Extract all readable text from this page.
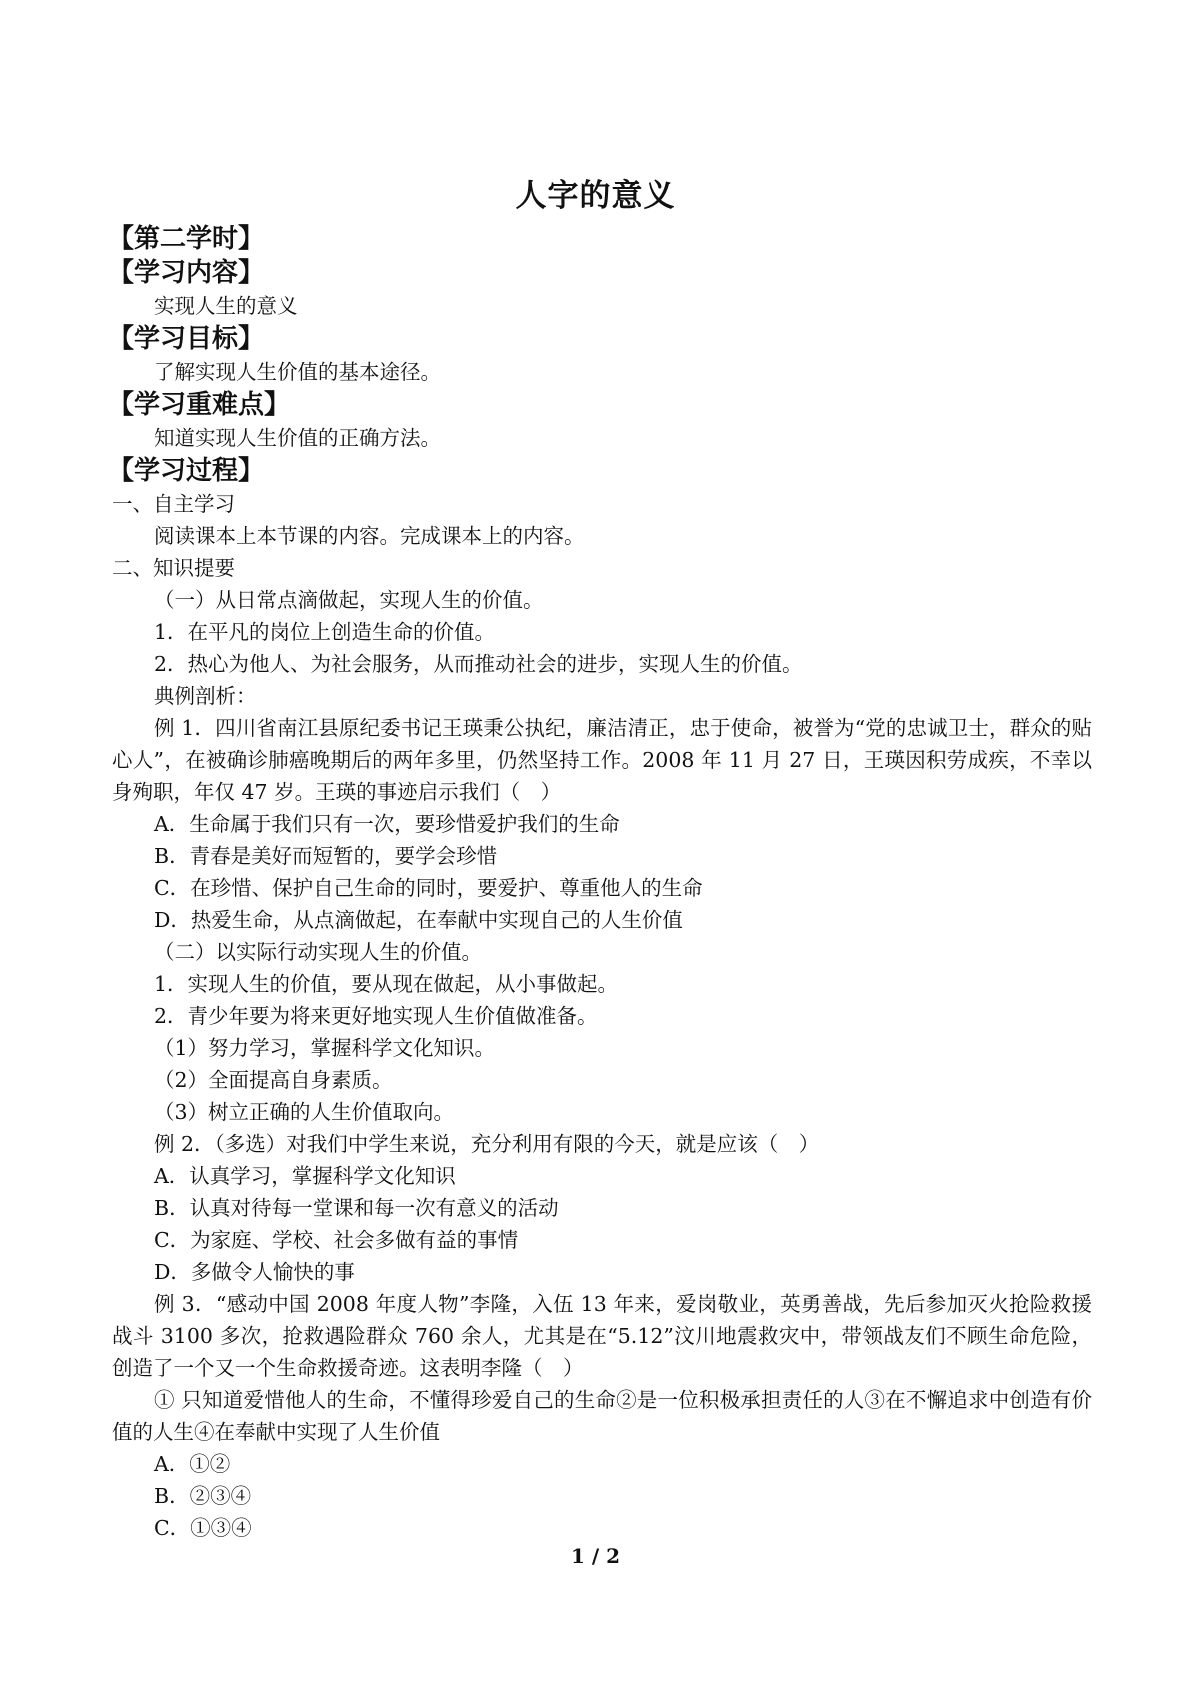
人字的意义
【第二学时】
【学习内容】
实现人生的意义
【学习目标】
了解实现人生价值的基本途径。
【学习重难点】
知道实现人生价值的正确方法。
【学习过程】
一、自主学习
阅读课本上本节课的内容。完成课本上的内容。
二、知识提要
（一）从日常点滴做起，实现人生的价值。
1．在平凡的岗位上创造生命的价值。
2．热心为他人、为社会服务，从而推动社会的进步，实现人生的价值。
典例剖析：
例 1．四川省南江县原纪委书记王瑛秉公执纪，廉洁清正，忠于使命，被誉为“党的忠诚卫士，群众的贴心人”，在被确诊肺癌晚期后的两年多里，仍然坚持工作。2008 年 11 月 27 日，王瑛因积劳成疾，不幸以身殉职，年仅 47 岁。王瑛的事迹启示我们（　）
A．生命属于我们只有一次，要珍惜爱护我们的生命
B．青春是美好而短暂的，要学会珍惜
C．在珍惜、保护自己生命的同时，要爱护、尊重他人的生命
D．热爱生命，从点滴做起，在奉献中实现自己的人生价值
（二）以实际行动实现人生的价值。
1．实现人生的价值，要从现在做起，从小事做起。
2．青少年要为将来更好地实现人生价值做准备。
（1）努力学习，掌握科学文化知识。
（2）全面提高自身素质。
（3）树立正确的人生价值取向。
例 2．（多选）对我们中学生来说，充分利用有限的今天，就是应该（　）
A．认真学习，掌握科学文化知识
B．认真对待每一堂课和每一次有意义的活动
C．为家庭、学校、社会多做有益的事情
D．多做令人愉快的事
例 3．“感动中国 2008 年度人物”李隆，入伍 13 年来，爱岗敬业，英勇善战，先后参加灭火抢险救援战斗 3100 多次，抢救遇险群众 760 余人，尤其是在“5.12”汶川地震救灾中，带领战友们不顾生命危险，创造了一个又一个生命救援奇迹。这表明李隆（　）
① 只知道爱惜他人的生命，不懂得珍爱自己的生命②是一位积极承担责任的人③在不懈追求中创造有价值的人生④在奉献中实现了人生价值
A．①②
B．②③④
C．①③④
1 / 2
